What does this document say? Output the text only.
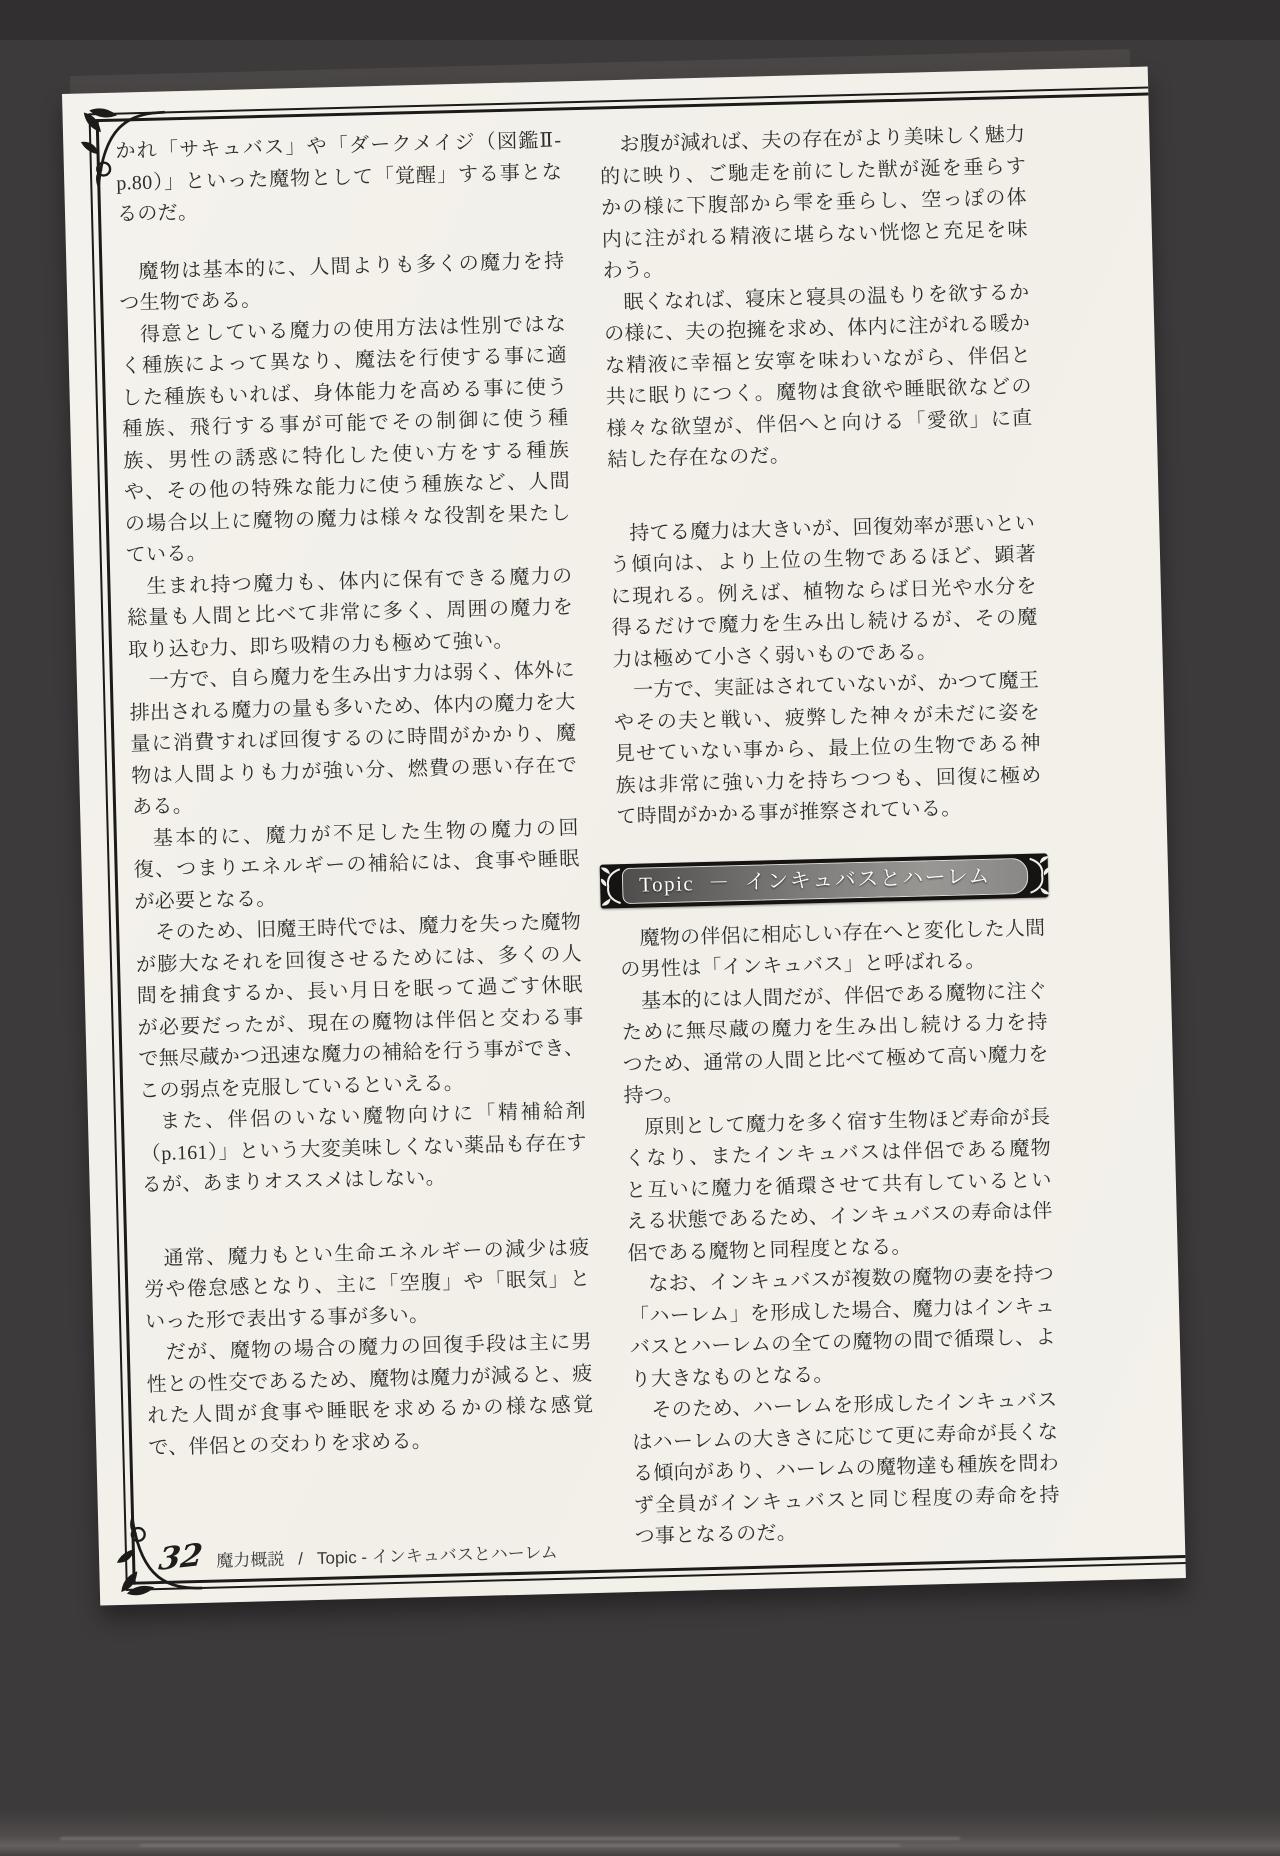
かれ「サキュバス」や「ダークメイジ（図鑑Ⅱ-p.80）」といった魔物として「覚醒」する事となるのだ。

魔物は基本的に、人間よりも多くの魔力を持つ生物である。

得意としている魔力の使用方法は性別ではなく種族によって異なり、魔法を行使する事に適した種族もいれば、身体能力を高める事に使う種族、飛行する事が可能でその制御に使う種族、男性の誘惑に特化した使い方をする種族や、その他の特殊な能力に使う種族など、人間の場合以上に魔物の魔力は様々な役割を果たしている。

生まれ持つ魔力も、体内に保有できる魔力の総量も人間と比べて非常に多く、周囲の魔力を取り込む力、即ち吸精の力も極めて強い。

一方で、自ら魔力を生み出す力は弱く、体外に排出される魔力の量も多いため、体内の魔力を大量に消費すれば回復するのに時間がかかり、魔物は人間よりも力が強い分、燃費の悪い存在である。

基本的に、魔力が不足した生物の魔力の回復、つまりエネルギーの補給には、食事や睡眠が必要となる。

そのため、旧魔王時代では、魔力を失った魔物が膨大なそれを回復させるためには、多くの人間を捕食するか、長い月日を眠って過ごす休眠が必要だったが、現在の魔物は伴侶と交わる事で無尽蔵かつ迅速な魔力の補給を行う事ができ、この弱点を克服しているといえる。

また、伴侶のいない魔物向けに「精補給剤（p.161）」という大変美味しくない薬品も存在するが、あまりオススメはしない。

通常、魔力もとい生命エネルギーの減少は疲労や倦怠感となり、主に「空腹」や「眠気」といった形で表出する事が多い。

だが、魔物の場合の魔力の回復手段は主に男性との性交であるため、魔物は魔力が減ると、疲れた人間が食事や睡眠を求めるかの様な感覚で、伴侶との交わりを求める。

お腹が減れば、夫の存在がより美味しく魅力的に映り、ご馳走を前にした獣が涎を垂らすかの様に下腹部から雫を垂らし、空っぽの体内に注がれる精液に堪らない恍惚と充足を味わう。

眠くなれば、寝床と寝具の温もりを欲するかの様に、夫の抱擁を求め、体内に注がれる暖かな精液に幸福と安寧を味わいながら、伴侶と共に眠りにつく。魔物は食欲や睡眠欲などの様々な欲望が、伴侶へと向ける「愛欲」に直結した存在なのだ。

持てる魔力は大きいが、回復効率が悪いという傾向は、より上位の生物であるほど、顕著に現れる。例えば、植物ならば日光や水分を得るだけで魔力を生み出し続けるが、その魔力は極めて小さく弱いものである。

一方で、実証はされていないが、かつて魔王やその夫と戦い、疲弊した神々が未だに姿を見せていない事から、最上位の生物である神族は非常に強い力を持ちつつも、回復に極めて時間がかかる事が推察されている。

Topic － インキュバスとハーレム

魔物の伴侶に相応しい存在へと変化した人間の男性は「インキュバス」と呼ばれる。

基本的には人間だが、伴侶である魔物に注ぐために無尽蔵の魔力を生み出し続ける力を持つため、通常の人間と比べて極めて高い魔力を持つ。

原則として魔力を多く宿す生物ほど寿命が長くなり、またインキュバスは伴侶である魔物と互いに魔力を循環させて共有しているといえる状態であるため、インキュバスの寿命は伴侶である魔物と同程度となる。

なお、インキュバスが複数の魔物の妻を持つ「ハーレム」を形成した場合、魔力はインキュバスとハーレムの全ての魔物の間で循環し、より大きなものとなる。

そのため、ハーレムを形成したインキュバスはハーレムの大きさに応じて更に寿命が長くなる傾向があり、ハーレムの魔物達も種族を問わず全員がインキュバスと同じ程度の寿命を持つ事となるのだ。

32 魔力概説 / Topic - インキュバスとハーレム
